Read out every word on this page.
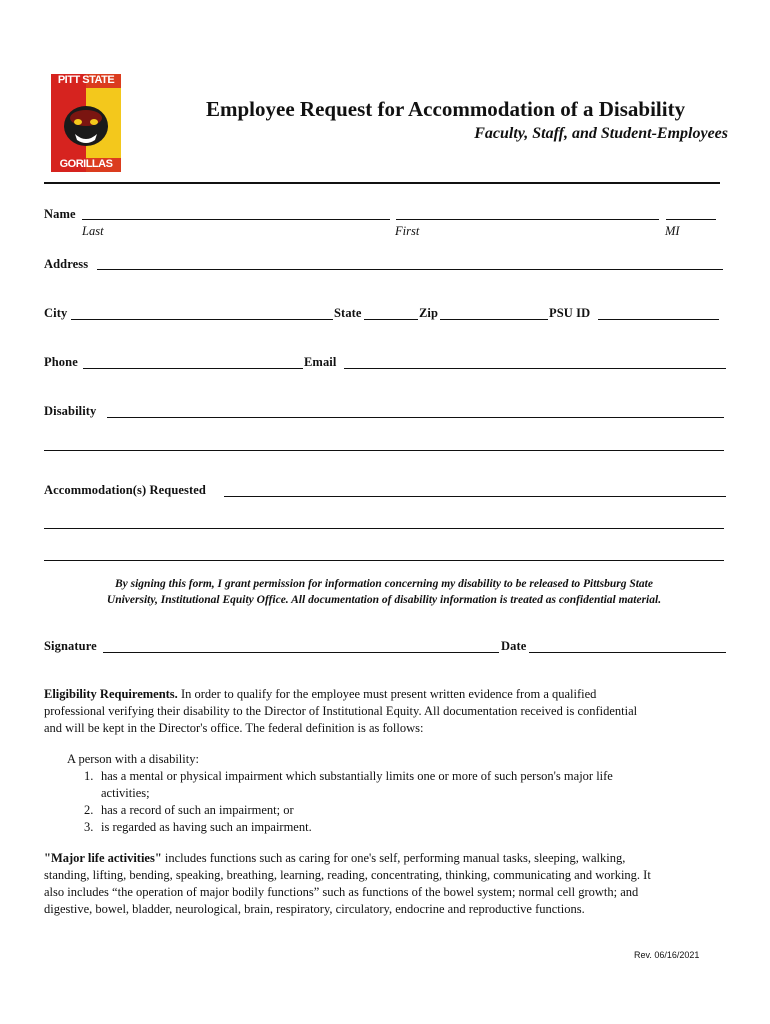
PITT STATE
GORILLAS
Employee Request for Accommodation of a Disability
Faculty, Staff, and Student-Employees
Name
Last	First	MI
Address
City	State	Zip	PSU ID
Phone	Email
Disability
Accommodation(s) Requested
By signing this form, I grant permission for information concerning my disability to be released to Pittsburg State
University, Institutional Equity Office. All documentation of disability information is treated as confidential material.
Signature	Date
Eligibility Requirements. In order to qualify for the employee must present written evidence from a qualified
professional verifying their disability to the Director of Institutional Equity. All documentation received is confidential
and will be kept in the Director's office. The federal definition is as follows:
A person with a disability:
1. has a mental or physical impairment which substantially limits one or more of such person's major life
activities;
2. has a record of such an impairment; or
3. is regarded as having such an impairment.
"Major life activities" includes functions such as caring for one's self, performing manual tasks, sleeping, walking,
standing, lifting, bending, speaking, breathing, learning, reading, concentrating, thinking, communicating and working. It
also includes “the operation of major bodily functions” such as functions of the bowel system; normal cell growth; and
digestive, bowel, bladder, neurological, brain, respiratory, circulatory, endocrine and reproductive functions.
Rev. 06/16/2021
